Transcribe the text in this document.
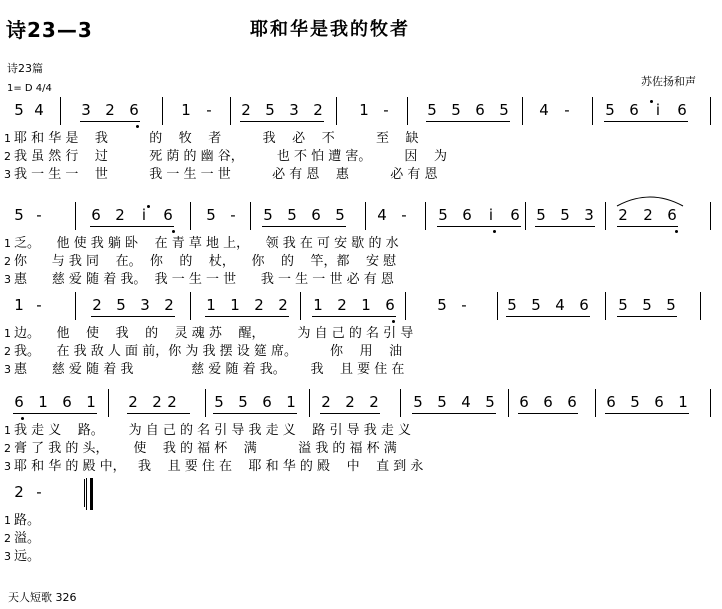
诗23—3	耶和华是我的牧者
诗23篇
1= D 4/4
苏佐扬和声
5 4	3 2 6	1	-	2 5 3 2	1 -	5 5 6 5	4	-	5 6	i	6
1 耶 和 华 是    我          的    牧    者          我    必    不          至    缺
2 我 虽 然 行    过          死 荫 的 幽 谷，        也 不 怕 遭 害。        因    为
3 我 一 生 一    世          我 一 生 一 世          必 有 恩    惠          必 有 恩
5 -	6 2	i	6	5 -	5 5 6 5	4 -	5 6	i	6	5 5 3	2	2 6
1 乏。    他 使 我 躺 卧    在 青 草 地 上，    领 我 在 可 安 歇 的 水
2 你      与 我 同    在。  你    的    杖，    你    的    竿，都    安 慰
3 惠      慈 爱 随 着 我。  我 一 生 一 世      我 一 生 一 世 必 有 恩
1 -	2 5 3 2	1 1 2 2	1 2 1 6	5 -	5 5 4 6	5 5 5
1 边。    他    使    我    的    灵 魂 苏    醒，        为 自 己 的 名 引 导
2 我。    在 我 敌 人 面 前，你 为 我 摆 设 筵 席。        你    用    油
3 惠      慈 爱 随 着 我              慈 爱 随 着 我。      我    且 要 住 在
6 1 6 1	2 2 2	5 5 6 1	2 2 2	5 5 4 5	6 6 6	6 5 6 1
1 我 走 义    路。      为 自 己 的 名 引 导 我 走 义    路 引 导 我 走 义
2 膏 了 我 的 头，      使    我 的 福 杯    满          溢 我 的 福 杯 满
3 耶 和 华 的 殿 中，   我    且 要 住 在    耶 和 华 的 殿    中    直 到 永
2 -
1 路。
2 溢。
3 远。
天人短歌 326
